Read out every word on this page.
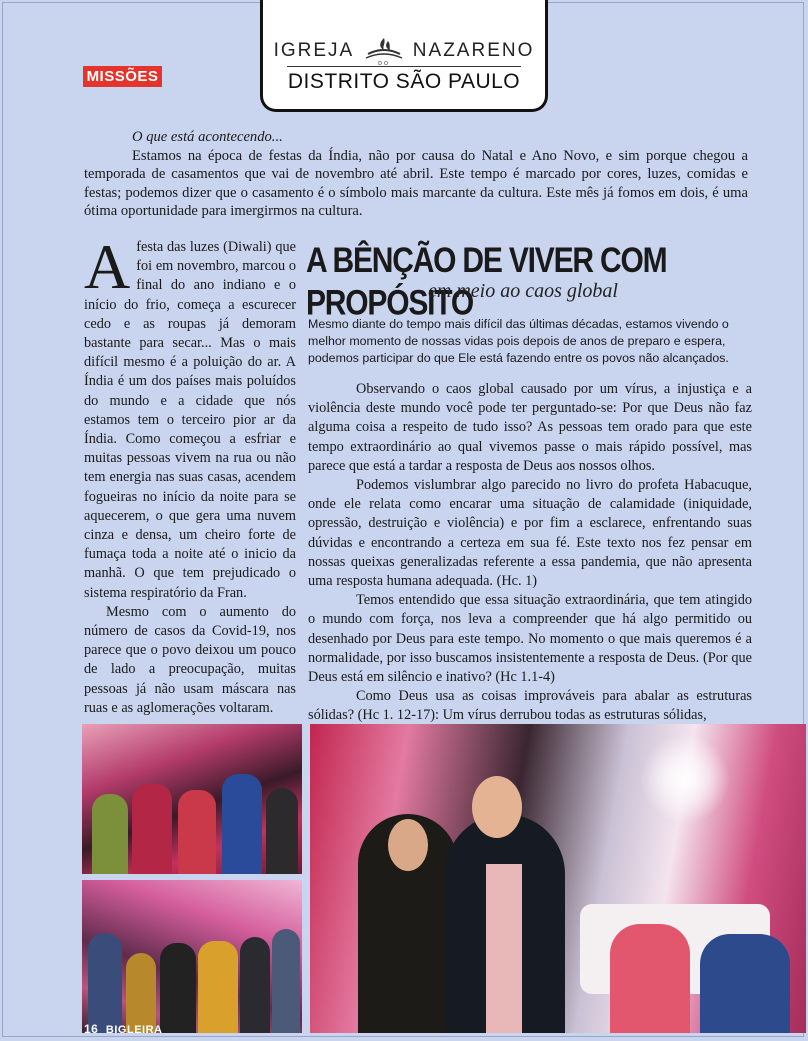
MISSÕES
IGREJA
DO
NAZARENO
DISTRITO SÃO PAULO
O que está acontecendo...

Estamos na época de festas da Índia, não por causa do Natal e Ano Novo, e sim porque chegou a temporada de casamentos que vai de novembro até abril. Este tempo é marcado por cores, luzes, comidas e festas; podemos dizer que o casamento é o símbolo mais marcante da cultura. Este mês já fomos em dois, é uma ótima oportunidade para imergirmos na cultura.

Afesta das luzes (Diwali) que foi em novembro, marcou o final do ano indiano e o início do frio, começa a escurecer cedo e as roupas já demoram bastante para secar... Mas o mais difícil mesmo é a poluição do ar. A Índia é um dos países mais poluídos do mundo e a cidade que nós estamos tem o terceiro pior ar da Índia. Como começou a esfriar e muitas pessoas vivem na rua ou não tem energia nas suas casas, acendem fogueiras no início da noite para se aquecerem, o que gera uma nuvem cinza e densa, um cheiro forte de fumaça toda a noite até o inicio da manhã. O que tem prejudicado o sistema respiratório da Fran.

Mesmo com o aumento do número de casos da Covid-19, nos parece que o povo deixou um pouco de lado a preocupação, muitas pessoas já não usam máscara nas ruas e as aglomerações voltaram.

A BÊNÇÃO DE VIVER COM PROPÓSITO
em meio ao caos global
Mesmo diante do tempo mais difícil das últimas décadas, estamos vivendo o melhor momento de nossas vidas pois depois de anos de preparo e espera, podemos participar do que Ele está fazendo entre os povos não alcançados.

Observando o caos global causado por um vírus, a injustiça e a violência deste mundo você pode ter perguntado-se: Por que Deus não faz alguma coisa a respeito de tudo isso? As pessoas tem orado para que este tempo extraordinário ao qual vivemos passe o mais rápido possível, mas parece que está a tardar a resposta de Deus aos nossos olhos.

Podemos vislumbrar algo parecido no livro do profeta Habacuque, onde ele relata como encarar uma situação de calamidade (iniquidade, opressão, destruição e violência) e por fim a esclarece, enfrentando suas dúvidas e encontrando a certeza em sua fé. Este texto nos fez pensar em nossas queixas generalizadas referente a essa pandemia, que não apresenta uma resposta humana adequada. (Hc. 1)

Temos entendido que essa situação extraordinária, que tem atingido o mundo com força, nos leva a compreender que há algo permitido ou desenhado por Deus para este tempo. No momento o que mais queremos é a normalidade, por isso buscamos insistentemente a resposta de Deus. (Por que Deus está em silêncio e inativo? (Hc 1.1-4)

Como Deus usa as coisas improváveis para abalar as estruturas sólidas? (Hc 1. 12-17): Um vírus derrubou todas as estruturas sólidas,

16 BIGLEIRA
